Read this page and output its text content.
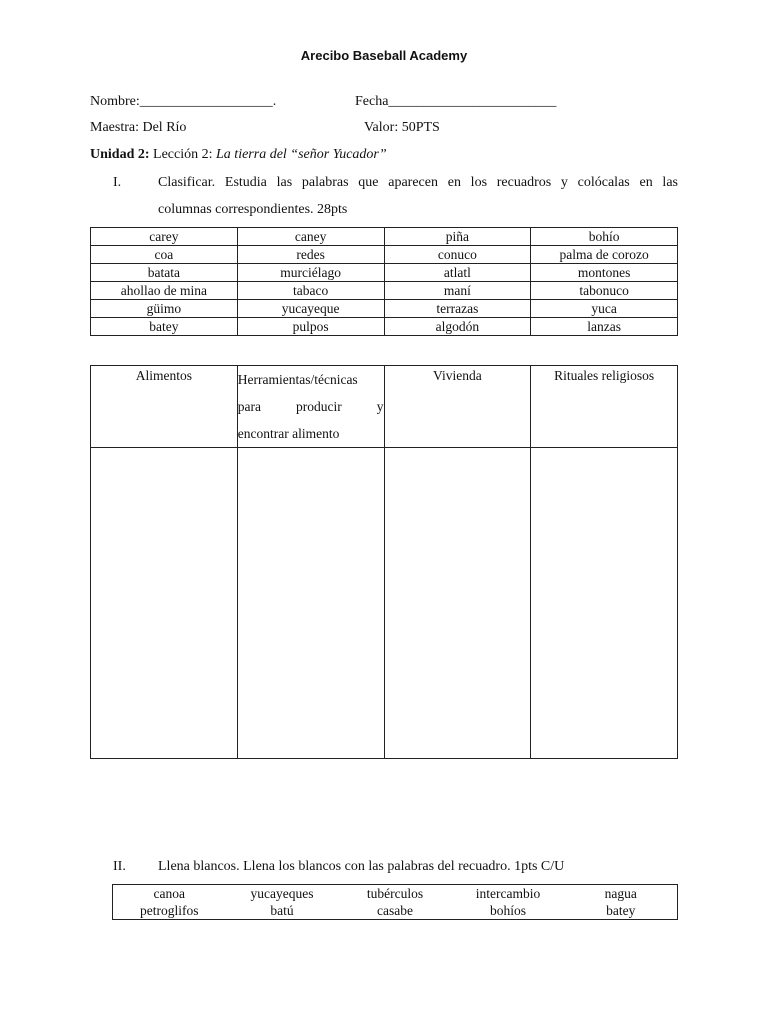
Arecibo Baseball Academy
Nombre:___________________.	Fecha________________________
Maestra: Del Río	Valor: 50PTS
Unidad 2: Lección 2: La tierra del “señor Yucador”
I.	Clasificar. Estudia las palabras que aparecen en los recuadros y colócalas en las
columnas correspondientes. 28pts
carey	caney	piña	bohío
coa	redes	conuco	palma de corozo
batata	murciélago	atlatl	montones
ahollao de mina	tabaco	maní	tabonuco
güimo	yucayeque	terrazas	yuca
batey	pulpos	algodón	lanzas
Alimentos	Herramientas/técnicas
para producir y
encontrar alimento	Vivienda	Rituales religiosos

II. Llena blancos. Llena los blancos con las palabras del recuadro. 1pts C/U
canoa	yucayeques	tubérculos	intercambio	nagua
petroglifos	batú	casabe	bohíos	batey
